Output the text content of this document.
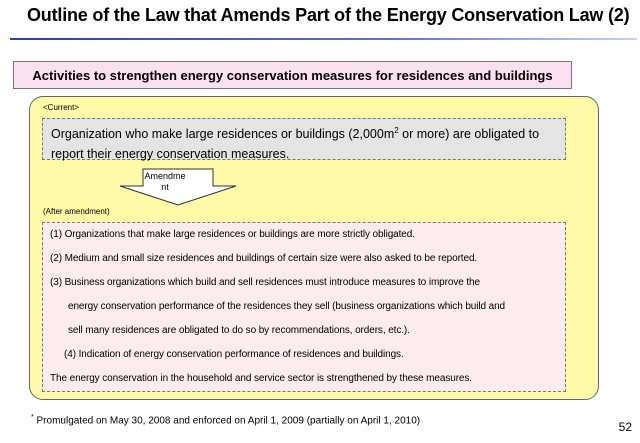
Outline of the Law that Amends Part of the Energy Conservation Law (2)
Activities to strengthen energy conservation measures for residences and buildings
<Current>
Organization who make large residences or buildings ($2,000m^2$ or more) are obligated to report their energy conservation measures.
Amendme
nt
(After amendment)
(1) Organizations that make large residences or buildings are more strictly obligated.
(2) Medium and small size residences and buildings of certain size were also asked to be reported.
(3) Business organizations which build and sell residences must introduce measures to improve the
energy conservation performance of the residences they sell (business organizations which build and
sell many residences are obligated to do so by recommendations, orders, etc.).
(4) Indication of energy conservation performance of residences and buildings.
The energy conservation in the household and service sector is strengthened by these measures.
* Promulgated on May 30, 2008 and enforced on April 1, 2009 (partially on April 1, 2010)	52
